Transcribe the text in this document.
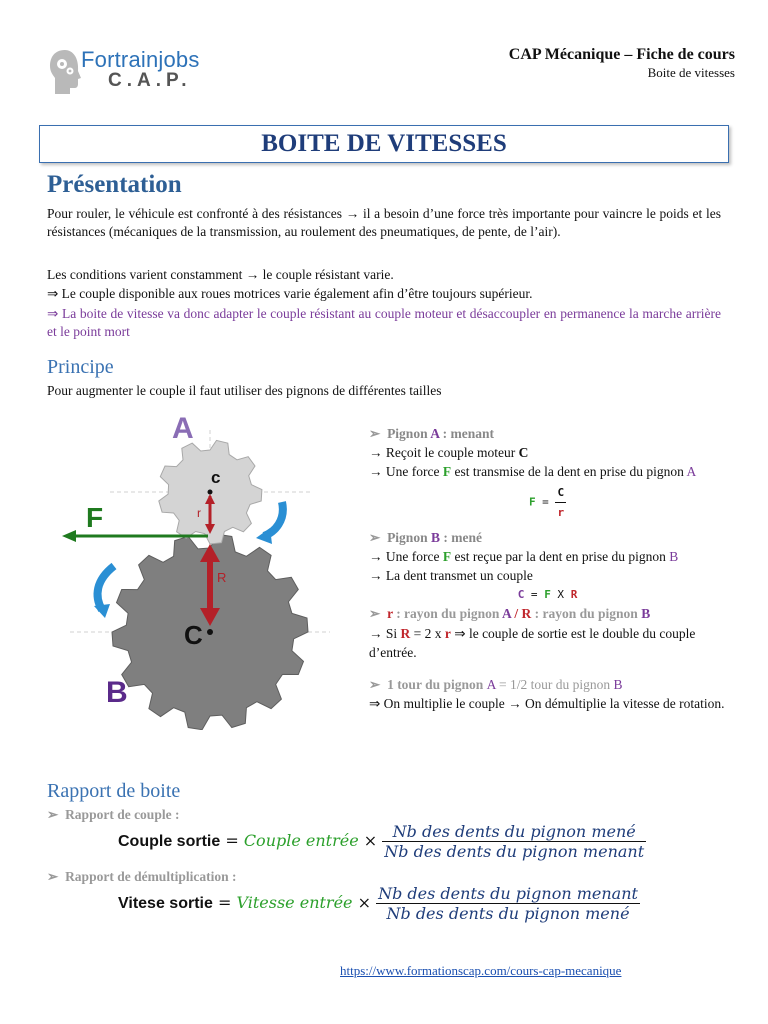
Fortrainjobs
C.A.P.
CAP Mécanique – Fiche de cours
Boite de vitesses
BOITE DE VITESSES
Présentation

Pour rouler, le véhicule est confronté à des résistances → il a besoin d’une force très importante pour vaincre le poids et les résistances (mécaniques de la transmission, au roulement des pneumatiques, de pente, de l’air).

Les conditions varient constamment → le couple résistant varie.

⇒ Le couple disponible aux roues motrices varie également afin d’être toujours supérieur.

⇒ La boite de vitesse va donc adapter le couple résistant au couple moteur et désaccoupler en permanence la marche arrière et le point mort

Principe

Pour augmenter le couple il faut utiliser des pignons de différentes tailles

A
B
F
c
C
r
R
➢ Pignon A : menant
→ Reçoit le couple moteur C
→ Une force F est transmise de la dent en prise du pignon A
$F = \frac{C}{r}$
➢ Pignon B : mené
→ Une force F est reçue par la dent en prise du pignon B
→ La dent transmet un couple
C = F X R
➢ r : rayon du pignon A / R : rayon du pignon B
→ Si R = 2 x r ⇒ le couple de sortie est le double du couple d’entrée.
➢ 1 tour du pignon A = 1/2 tour du pignon B
⇒ On multiplie le couple → On démultiplie la vitesse de rotation.
Rapport de boite
➢ Rapport de couple :
Couple sortie = Couple entrée × $\frac{\text{Nb des dents du pignon mené}}{\text{Nb des dents du pignon menant}}$
➢ Rapport de démultiplication :
Vitese sortie = Vitesse entrée × $\frac{\text{Nb des dents du pignon menant}}{\text{Nb des dents du pignon mené}}$
https://www.formationscap.com/cours-cap-mecanique
